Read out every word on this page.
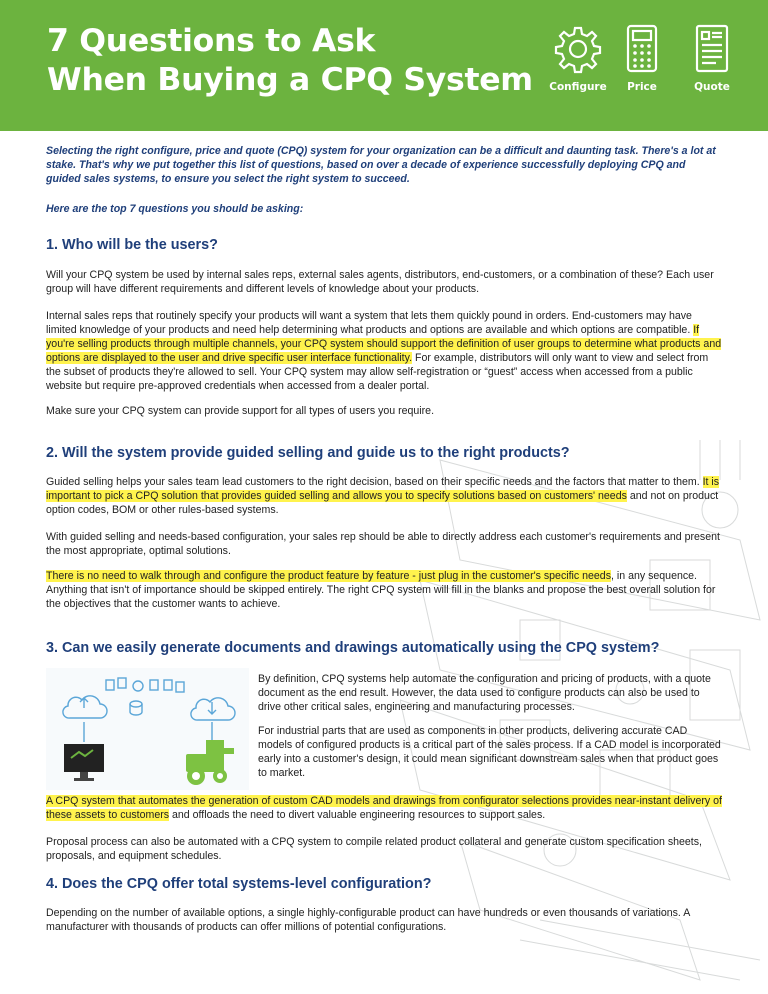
7 Questions to Ask
When Buying a CPQ System	Configure	Price	Quote
Selecting the right configure, price and quote (CPQ) system for your organization can be a difficult and daunting task. There's a lot at stake. That's why we put together this list of questions, based on over a decade of experience successfully deploying CPQ and guided sales systems, to ensure you select the right system to succeed.
Here are the top 7 questions you should be asking:
1. Who will be the users?
Will your CPQ system be used by internal sales reps, external sales agents, distributors, end-customers, or a combination of these? Each user group will have different requirements and different levels of knowledge about your products.
Internal sales reps that routinely specify your products will want a system that lets them quickly pound in orders. End-customers may have limited knowledge of your products and need help determining what products and options are available and which options are compatible. If you're selling products through multiple channels, your CPQ system should support the definition of user groups to determine what products and options are displayed to the user and drive specific user interface functionality. For example, distributors will only want to view and select from the subset of products they're allowed to sell. Your CPQ system may allow self-registration or “guest” access when accessed from a public website but require pre-approved credentials when accessed from a dealer portal.
Make sure your CPQ system can provide support for all types of users you require.
2. Will the system provide guided selling and guide us to the right products?
Guided selling helps your sales team lead customers to the right decision, based on their specific needs and the factors that matter to them. It is important to pick a CPQ solution that provides guided selling and allows you to specify solutions based on customers' needs and not on product option codes, BOM or other rules-based systems.
With guided selling and needs-based configuration, your sales rep should be able to directly address each customer's requirements and present the most appropriate, optimal solutions.
There is no need to walk through and configure the product feature by feature - just plug in the customer's specific needs, in any sequence. Anything that isn't of importance should be skipped entirely. The right CPQ system will fill in the blanks and propose the best overall solution for the objectives that the customer wants to achieve.
3. Can we easily generate documents and drawings automatically using the CPQ system?
By definition, CPQ systems help automate the configuration and pricing of products, with a quote document as the end result. However, the data used to configure products can also be used to drive other critical sales, engineering and manufacturing processes.
For industrial parts that are used as components in other products, delivering accurate CAD models of configured products is a critical part of the sales process. If a CAD model is incorporated early into a customer's design, it could mean significant downstream sales when that product goes to market.
A CPQ system that automates the generation of custom CAD models and drawings from configurator selections provides near-instant delivery of these assets to customers and offloads the need to divert valuable engineering resources to support sales.
Proposal process can also be automated with a CPQ system to compile related product collateral and generate custom specification sheets, proposals, and equipment schedules.
4. Does the CPQ offer total systems-level configuration?
Depending on the number of available options, a single highly-configurable product can have hundreds or even thousands of variations. A manufacturer with thousands of products can offer millions of potential configurations.
